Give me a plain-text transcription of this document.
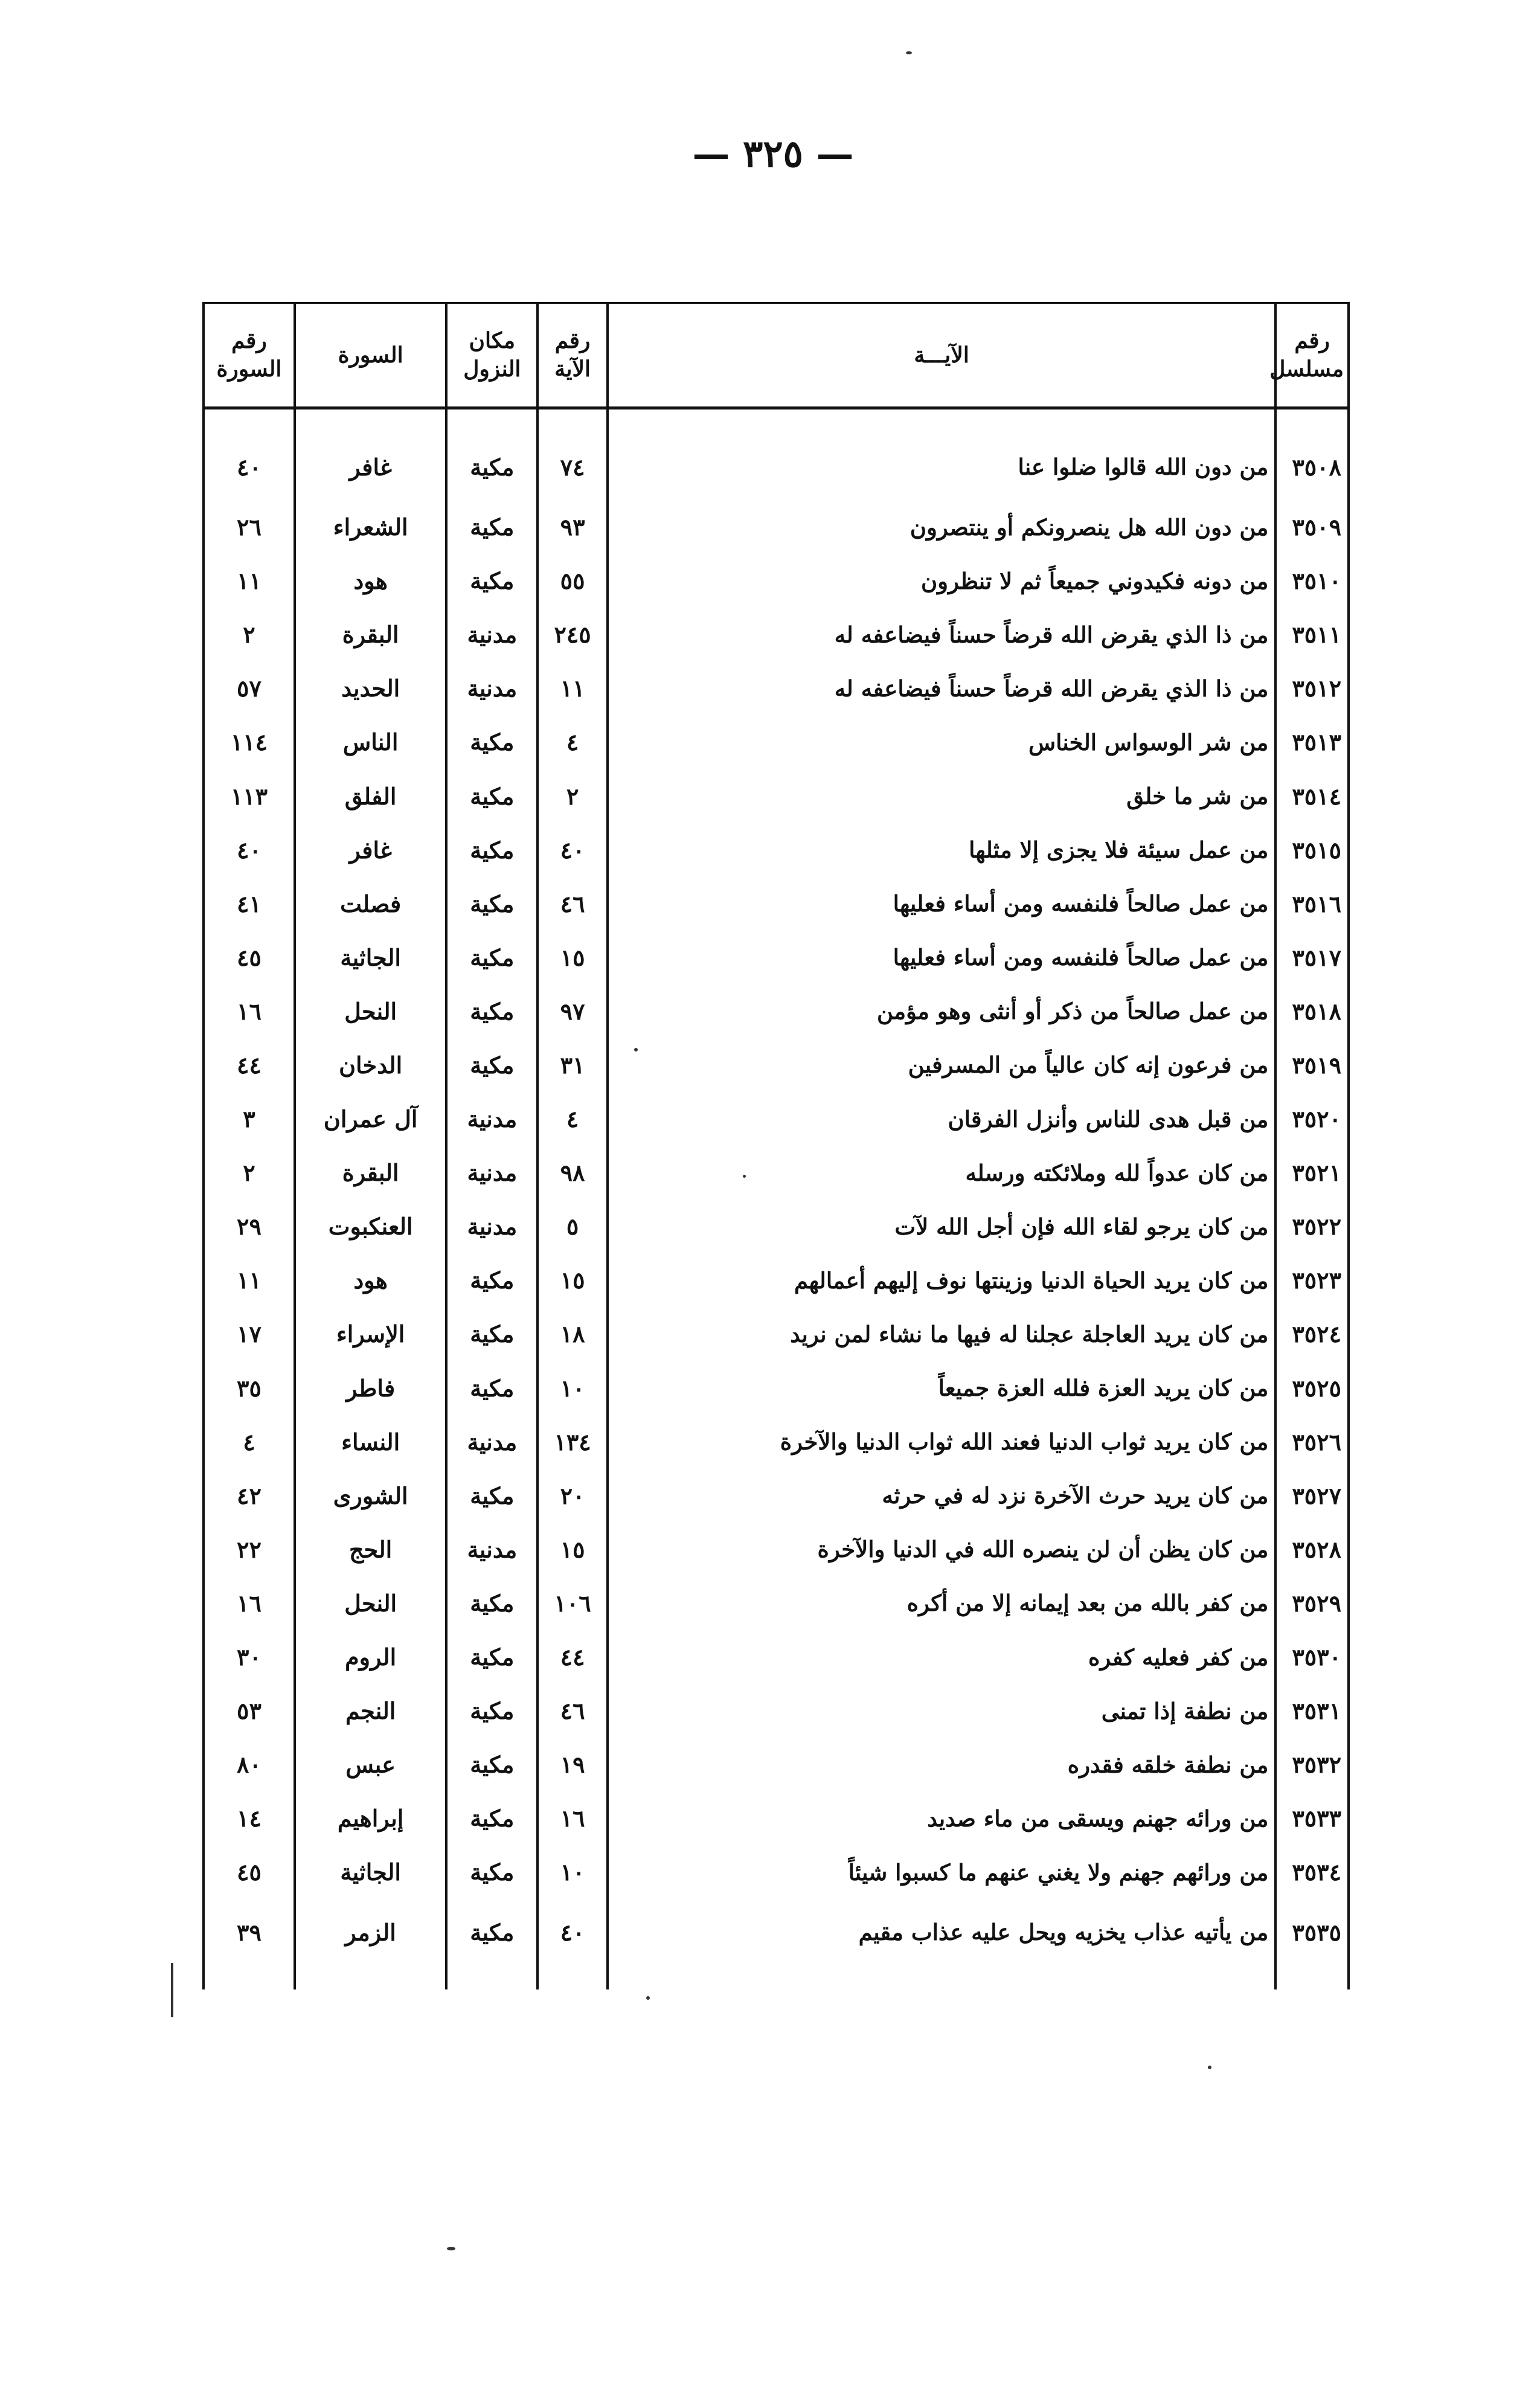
— ٣٢٥ —
رقم مسلسل	الآيـــة	رقم الآية	مكان النزول	السورة	رقم السورة
٣٥٠٨	من دون الله قالوا ضلوا عنا	٧٤	مكية	غافر	٤٠
٣٥٠٩	من دون الله هل ينصرونكم أو ينتصرون	٩٣	مكية	الشعراء	٢٦
٣٥١٠	من دونه فكيدوني جميعاً ثم لا تنظرون	٥٥	مكية	هود	١١
٣٥١١	من ذا الذي يقرض الله قرضاً حسناً فيضاعفه له	٢٤٥	مدنية	البقرة	٢
٣٥١٢	من ذا الذي يقرض الله قرضاً حسناً فيضاعفه له	١١	مدنية	الحديد	٥٧
٣٥١٣	من شر الوسواس الخناس	٤	مكية	الناس	١١٤
٣٥١٤	من شر ما خلق	٢	مكية	الفلق	١١٣
٣٥١٥	من عمل سيئة فلا يجزى إلا مثلها	٤٠	مكية	غافر	٤٠
٣٥١٦	من عمل صالحاً فلنفسه ومن أساء فعليها	٤٦	مكية	فصلت	٤١
٣٥١٧	من عمل صالحاً فلنفسه ومن أساء فعليها	١٥	مكية	الجاثية	٤٥
٣٥١٨	من عمل صالحاً من ذكر أو أنثى وهو مؤمن	٩٧	مكية	النحل	١٦
٣٥١٩	من فرعون إنه كان عالياً من المسرفين	٣١	مكية	الدخان	٤٤
٣٥٢٠	من قبل هدى للناس وأنزل الفرقان	٤	مدنية	آل عمران	٣
٣٥٢١	من كان عدواً لله وملائكته ورسله	٩٨	مدنية	البقرة	٢
٣٥٢٢	من كان يرجو لقاء الله فإن أجل الله لآت	٥	مدنية	العنكبوت	٢٩
٣٥٢٣	من كان يريد الحياة الدنيا وزينتها نوف إليهم أعمالهم	١٥	مكية	هود	١١
٣٥٢٤	من كان يريد العاجلة عجلنا له فيها ما نشاء لمن نريد	١٨	مكية	الإسراء	١٧
٣٥٢٥	من كان يريد العزة فلله العزة جميعاً	١٠	مكية	فاطر	٣٥
٣٥٢٦	من كان يريد ثواب الدنيا فعند الله ثواب الدنيا والآخرة	١٣٤	مدنية	النساء	٤
٣٥٢٧	من كان يريد حرث الآخرة نزد له في حرثه	٢٠	مكية	الشورى	٤٢
٣٥٢٨	من كان يظن أن لن ينصره الله في الدنيا والآخرة	١٥	مدنية	الحج	٢٢
٣٥٢٩	من كفر بالله من بعد إيمانه إلا من أكره	١٠٦	مكية	النحل	١٦
٣٥٣٠	من كفر فعليه كفره	٤٤	مكية	الروم	٣٠
٣٥٣١	من نطفة إذا تمنى	٤٦	مكية	النجم	٥٣
٣٥٣٢	من نطفة خلقه فقدره	١٩	مكية	عبس	٨٠
٣٥٣٣	من ورائه جهنم ويسقى من ماء صديد	١٦	مكية	إبراهيم	١٤
٣٥٣٤	من ورائهم جهنم ولا يغني عنهم ما كسبوا شيئاً	١٠	مكية	الجاثية	٤٥
٣٥٣٥	من يأتيه عذاب يخزيه ويحل عليه عذاب مقيم	٤٠	مكية	الزمر	٣٩
